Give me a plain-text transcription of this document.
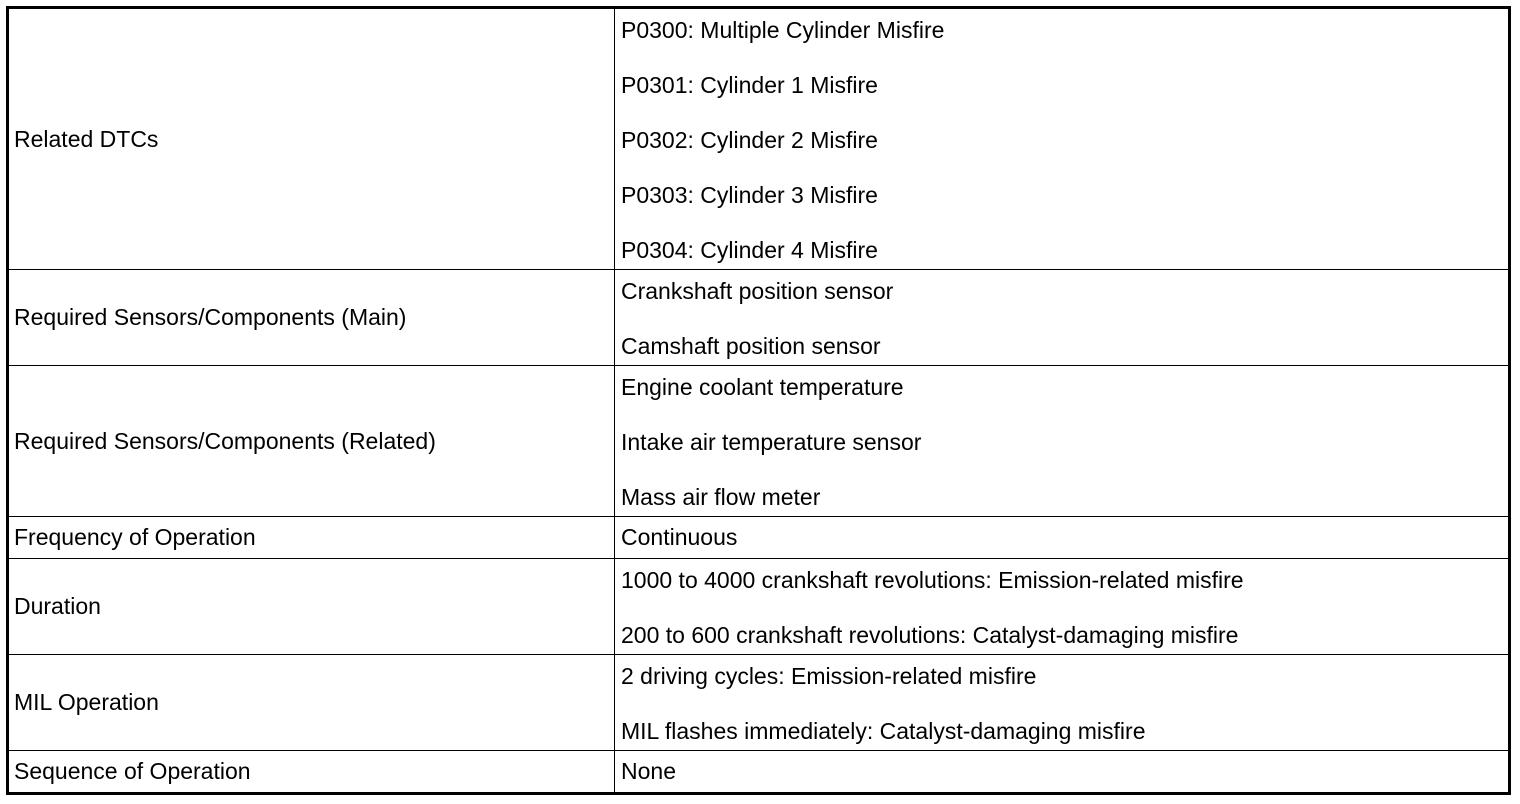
Related DTCs	P0300: Multiple Cylinder Misfire
P0301: Cylinder 1 Misfire
P0302: Cylinder 2 Misfire
P0303: Cylinder 3 Misfire
P0304: Cylinder 4 Misfire

Required Sensors/Components (Main)	Crankshaft position sensor
Camshaft position sensor

Required Sensors/Components (Related)	Engine coolant temperature
Intake air temperature sensor
Mass air flow meter

Frequency of Operation	Continuous

Duration	1000 to 4000 crankshaft revolutions: Emission-related misfire
200 to 600 crankshaft revolutions: Catalyst-damaging misfire

MIL Operation	2 driving cycles: Emission-related misfire
MIL flashes immediately: Catalyst-damaging misfire

Sequence of Operation	None
